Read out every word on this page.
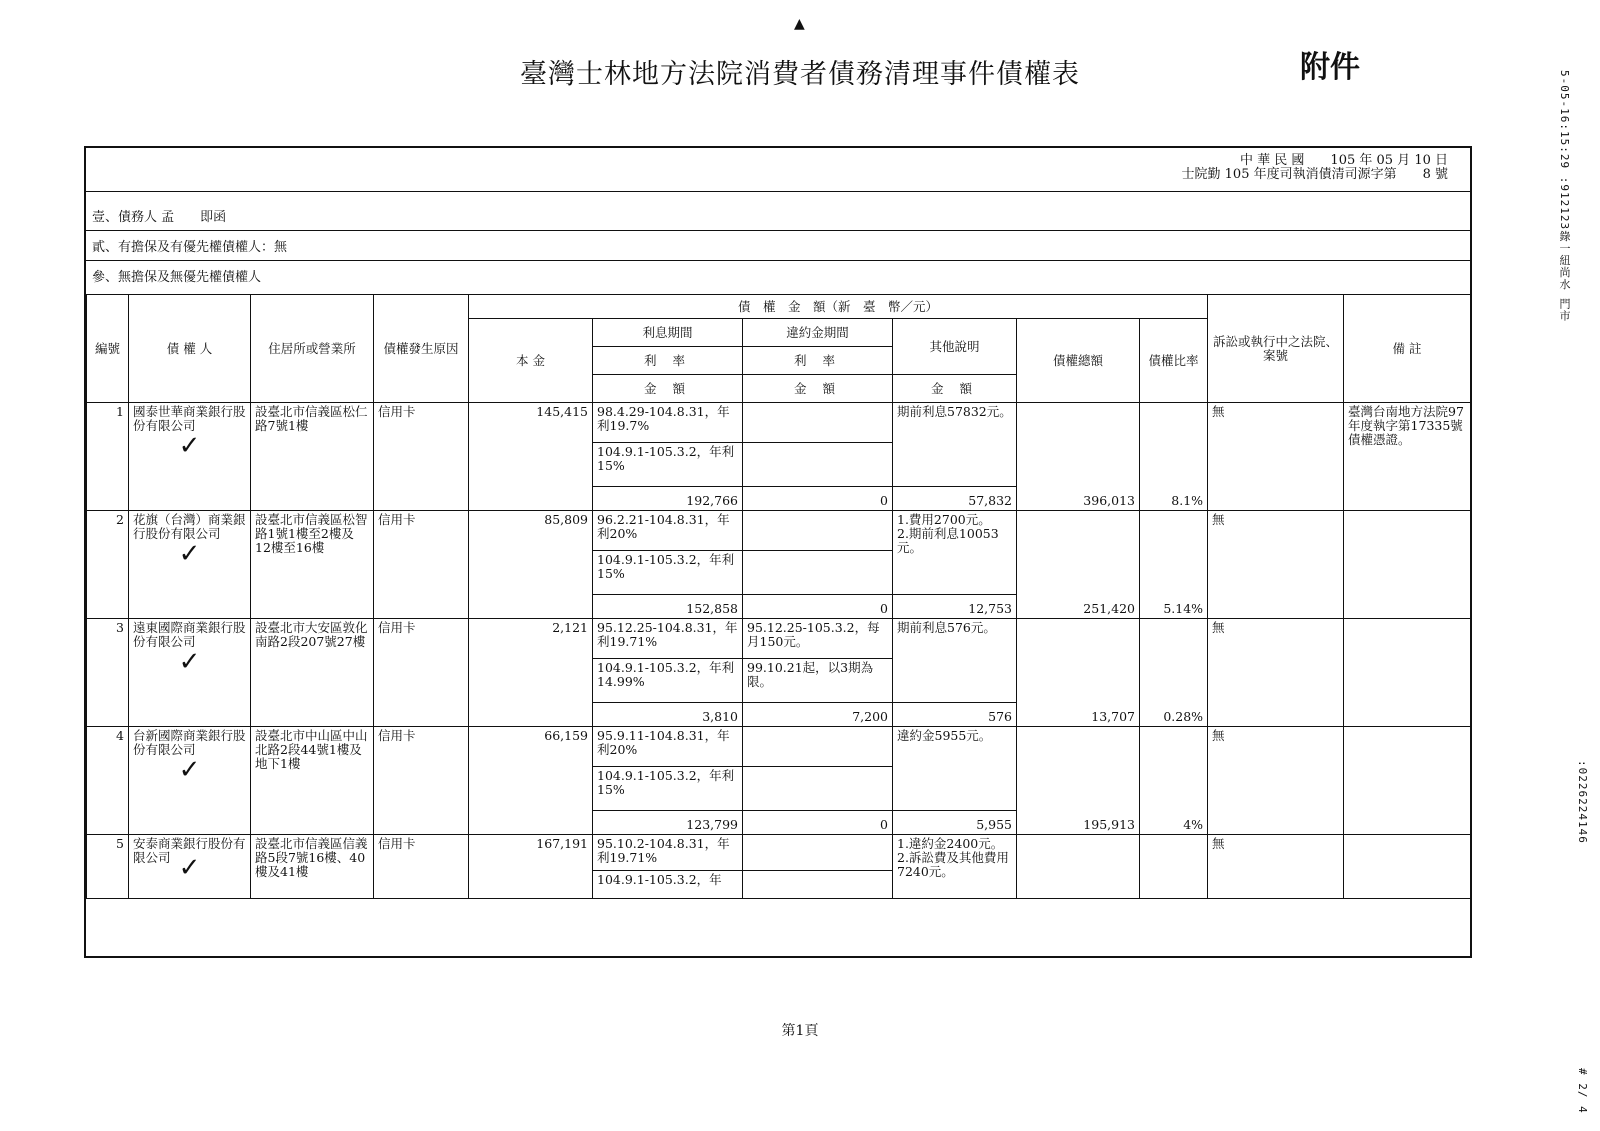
▲
臺灣士林地方法院消費者債務清理事件債權表	附件
5-05-16:15:29 :912123錄一紐尚水 門市
:0226224146
# 2/ 4
中 華 民 國　　105 年 05 月 10 日
士院勤 105 年度司執消債清司源字第　　8 號
壹、債務人 孟　　即函
貳、有擔保及有優先權債權人：無
參、無擔保及無優先權債權人
編號	債 權 人	住居所或營業所	債權發生原因	債　權　金　額（新　臺　幣／元）						訴訟或執行中之法院、案號	備 註
				本 金	利息期間	違約金期間	其他說明	債權總額	債權比率		
					利 率	利 率					
					金 額	金 額	金 額				
1	國泰世華商業銀行股份有限公司
✓	設臺北市信義區松仁路7號1樓	信用卡	145,415	98.4.29-104.8.31，年利19.7%		期前利息57832元。	396,013	8.1%	無	臺灣台南地方法院97年度執字第17335號債權憑證。
					104.9.1-105.3.2，年利15%						
					192,766	0	57,832				
2	花旗（台灣）商業銀行股份有限公司
✓	設臺北市信義區松智路1號1樓至2樓及12樓至16樓	信用卡	85,809	96.2.21-104.8.31，年利20%		1.費用2700元。
2.期前利息10053元。	251,420	5.14%	無	
					104.9.1-105.3.2，年利15%						
					152,858	0	12,753				
3	遠東國際商業銀行股份有限公司
✓	設臺北市大安區敦化南路2段207號27樓	信用卡	2,121	95.12.25-104.8.31，年利19.71%	95.12.25-105.3.2，每月150元。	期前利息576元。	13,707	0.28%	無	
					104.9.1-105.3.2，年利14.99%	99.10.21起，以3期為限。					
					3,810	7,200	576				
4	台新國際商業銀行股份有限公司
✓	設臺北市中山區中山北路2段44號1樓及地下1樓	信用卡	66,159	95.9.11-104.8.31，年利20%		違約金5955元。	195,913	4%	無	
					104.9.1-105.3.2，年利15%						
					123,799	0	5,955				
5	安泰商業銀行股份有限公司 ✓	設臺北市信義區信義路5段7號16樓、40樓及41樓	信用卡	167,191	95.10.2-104.8.31，年利19.71%		1.違約金2400元。
2.訴訟費及其他費用7240元。			無	
					104.9.1-105.3.2，年						
第1頁
